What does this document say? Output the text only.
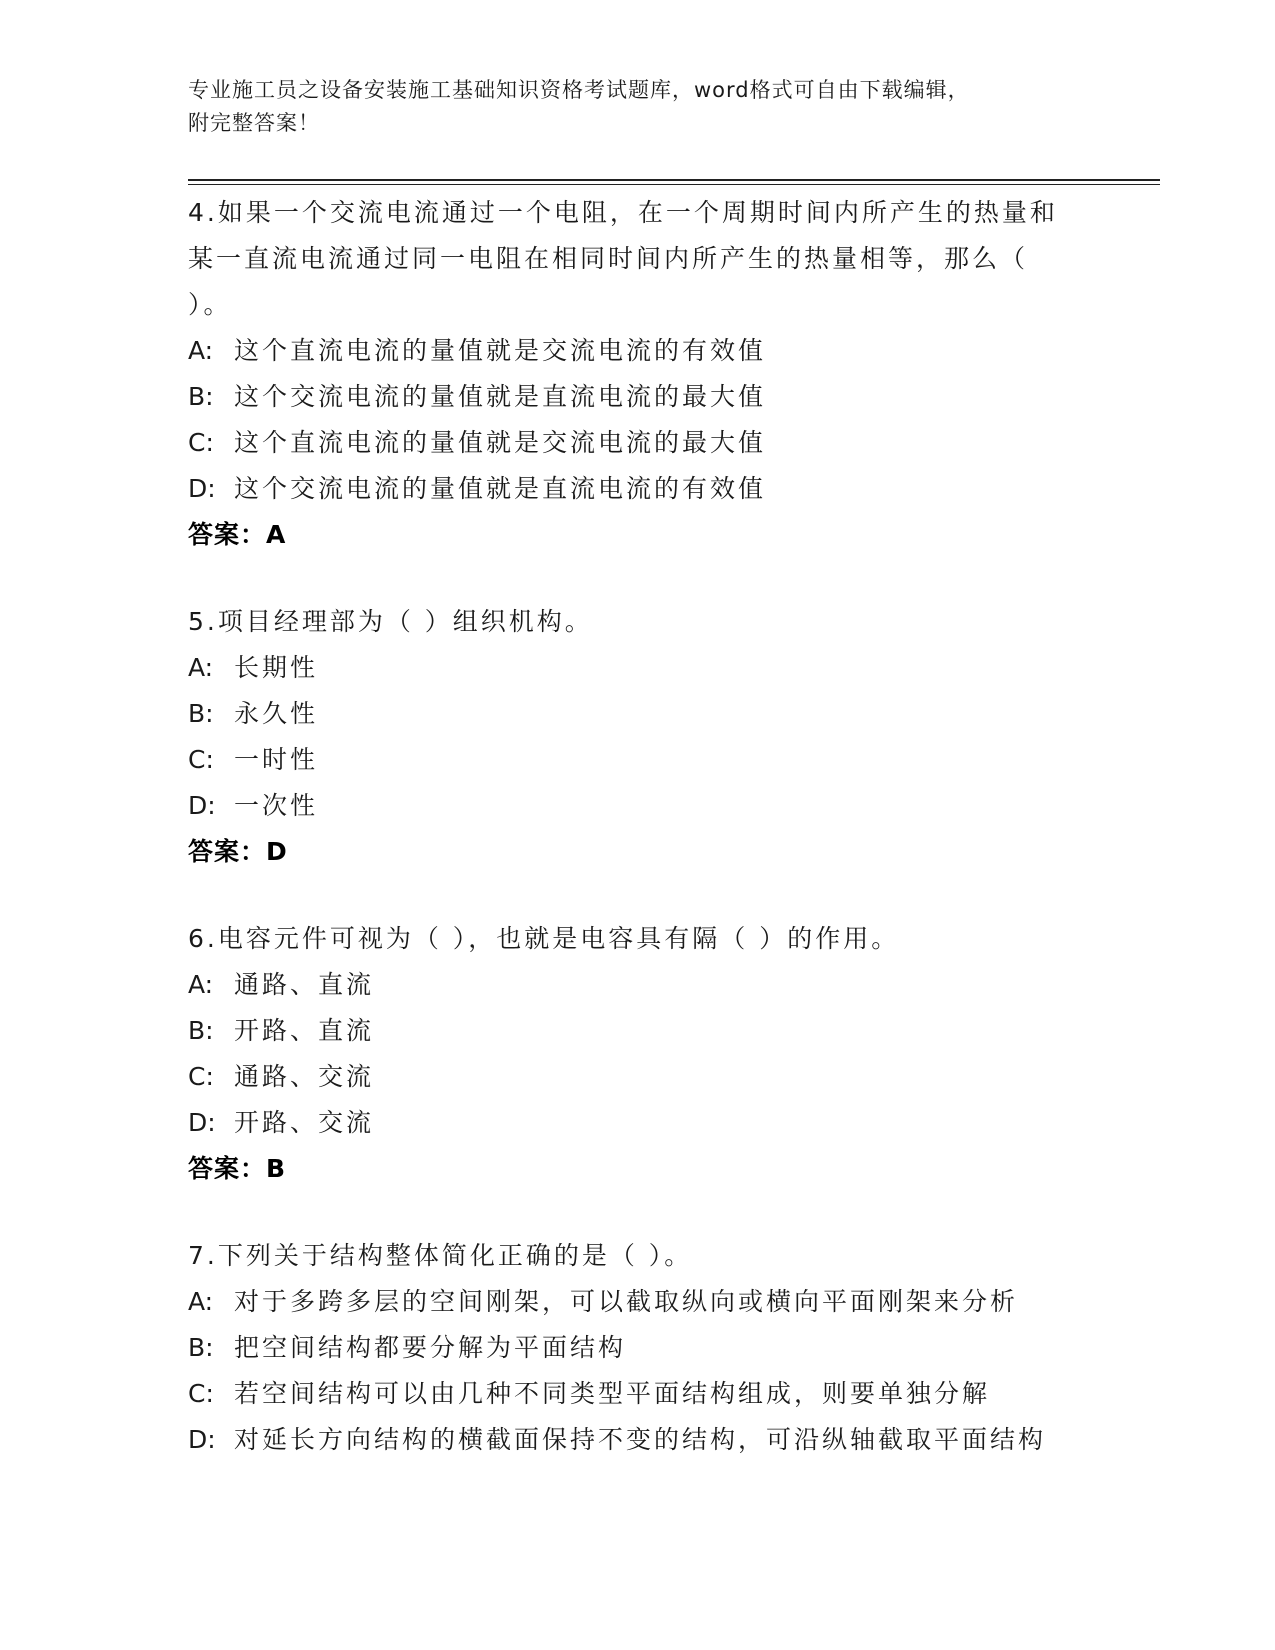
专业施工员之设备安装施工基础知识资格考试题库，word格式可自由下载编辑，
附完整答案！
4.如果一个交流电流通过一个电阻，在一个周期时间内所产生的热量和某一直流电流通过同一电阻在相同时间内所产生的热量相等，那么（ ）。
A: 这个直流电流的量值就是交流电流的有效值
B: 这个交流电流的量值就是直流电流的最大值
C: 这个直流电流的量值就是交流电流的最大值
D: 这个交流电流的量值就是直流电流的有效值
答案：A
5.项目经理部为（ ）组织机构。
A: 长期性
B: 永久性
C: 一时性
D: 一次性
答案：D
6.电容元件可视为（ ），也就是电容具有隔（ ）的作用。
A: 通路、直流
B: 开路、直流
C: 通路、交流
D: 开路、交流
答案：B
7.下列关于结构整体简化正确的是（ ）。
A: 对于多跨多层的空间刚架，可以截取纵向或横向平面刚架来分析
B: 把空间结构都要分解为平面结构
C: 若空间结构可以由几种不同类型平面结构组成，则要单独分解
D: 对延长方向结构的横截面保持不变的结构，可沿纵轴截取平面结构
